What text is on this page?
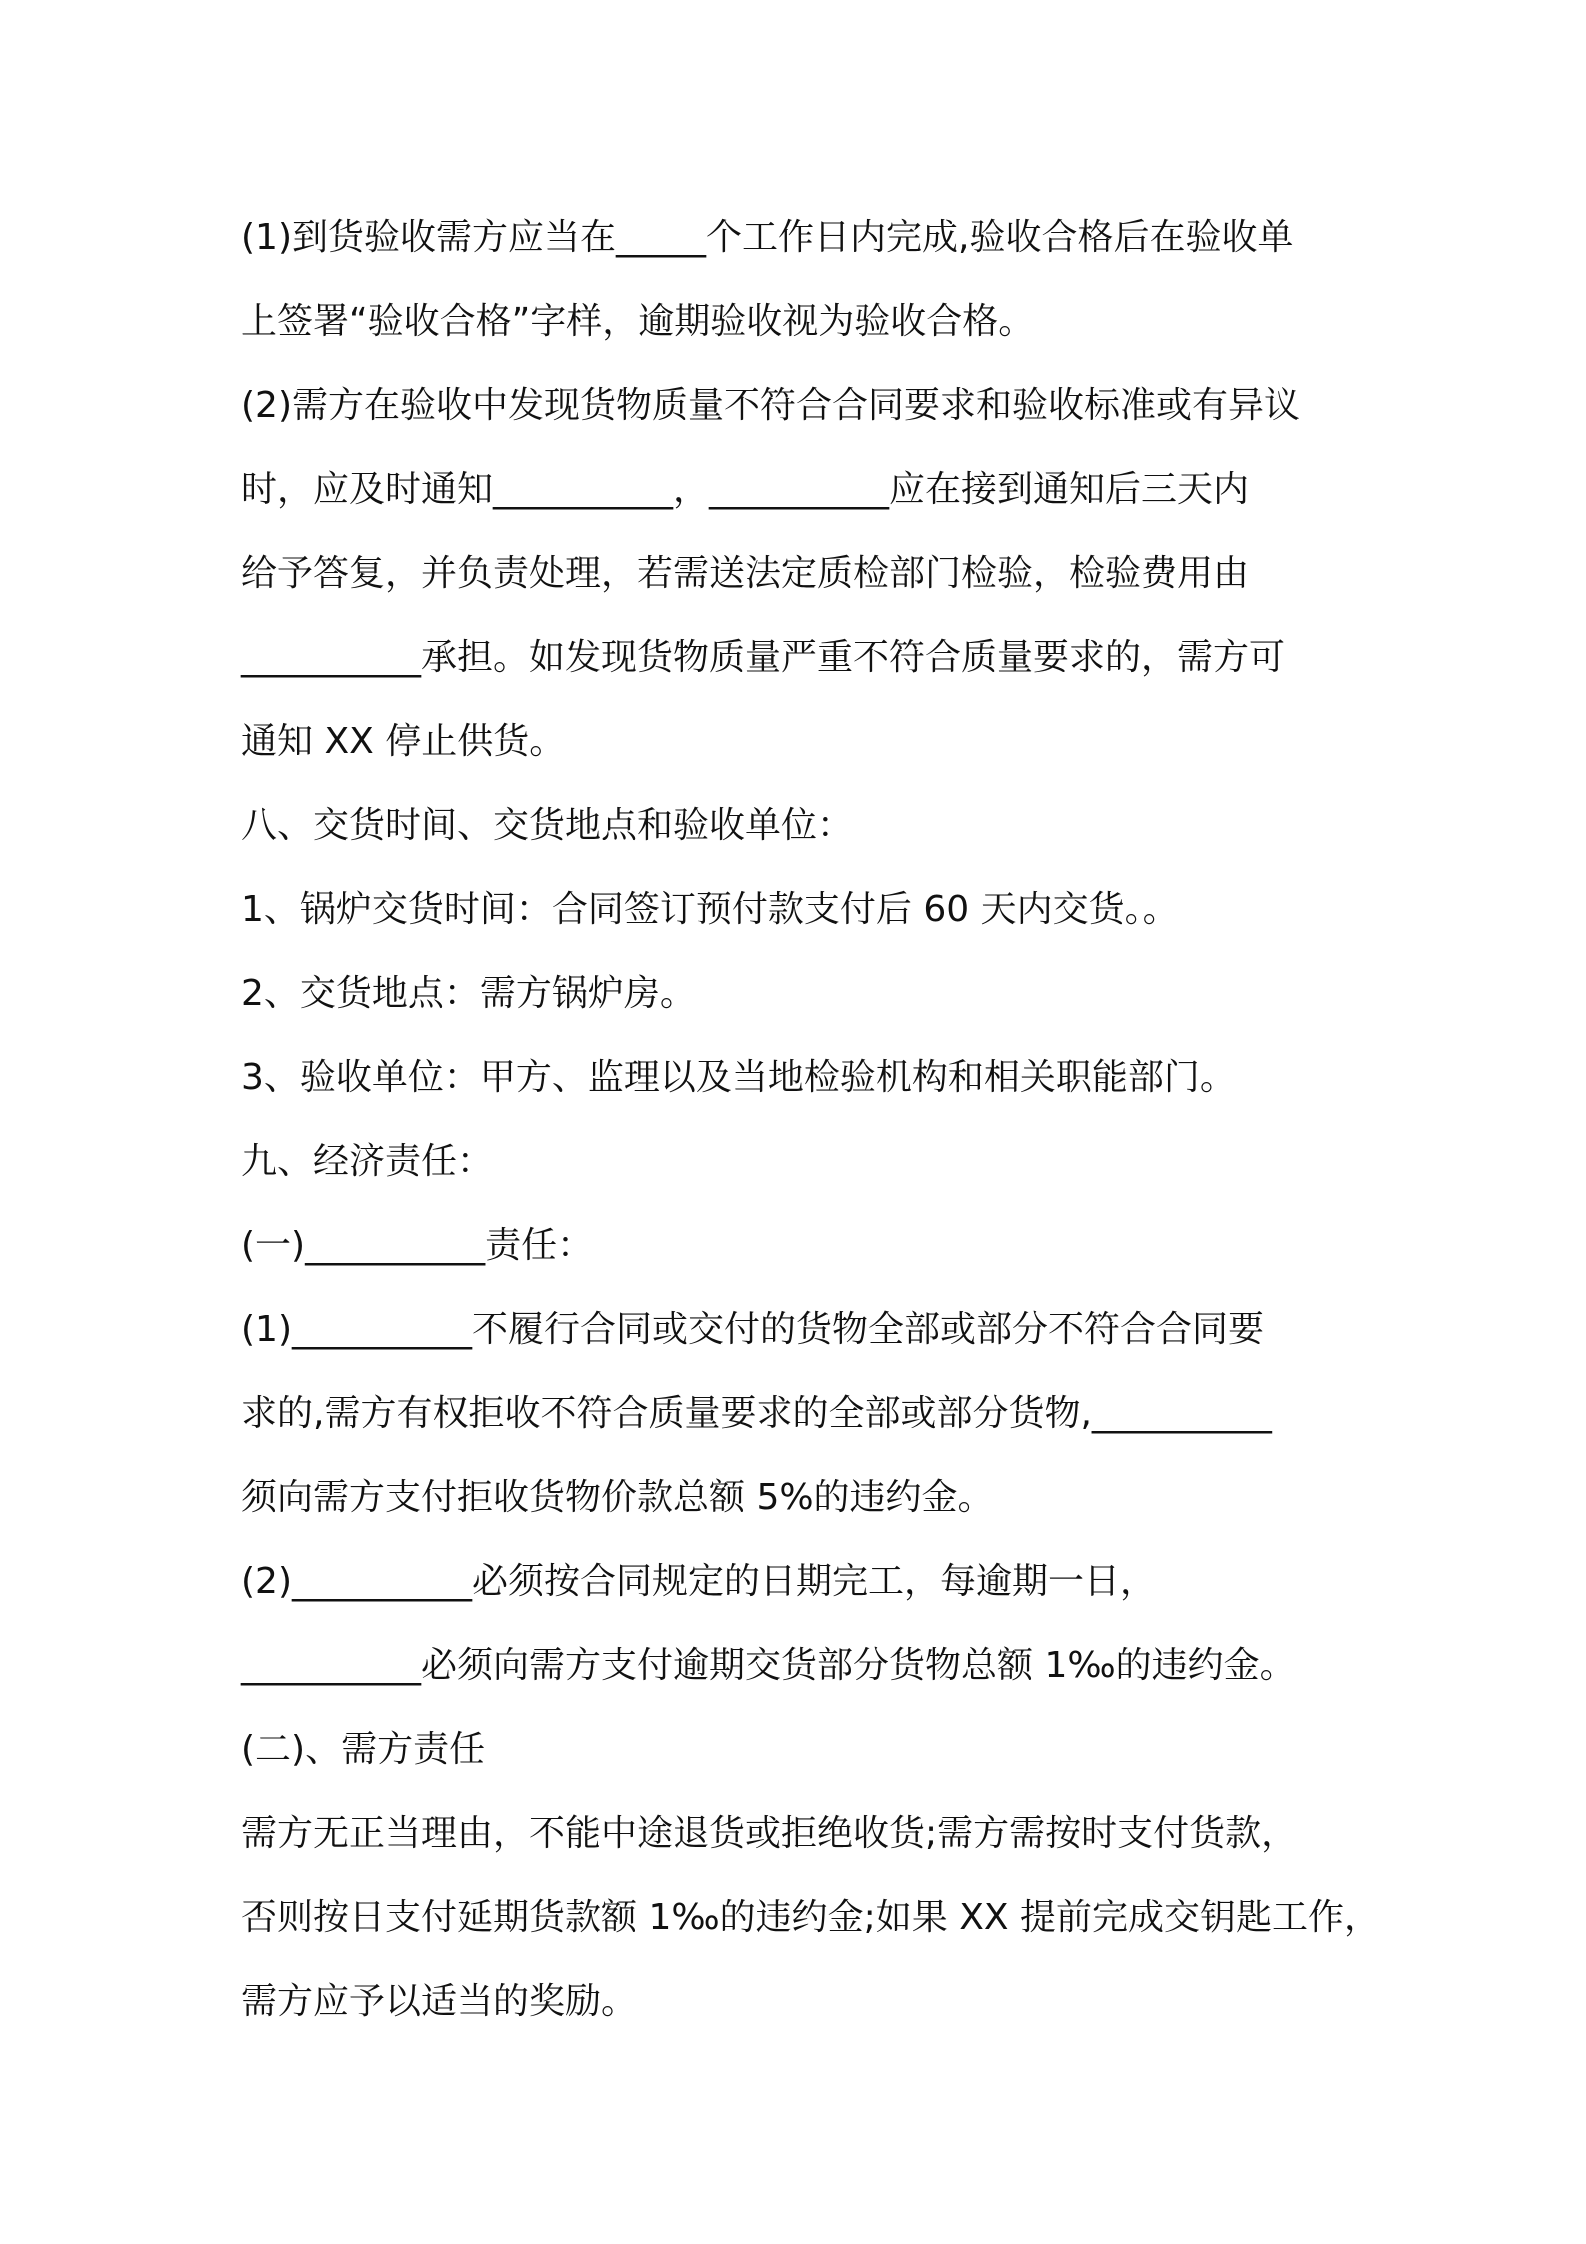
(1)到货验收需方应当在_____个工作日内完成,验收合格后在验收单
上签署“验收合格”字样，逾期验收视为验收合格。
(2)需方在验收中发现货物质量不符合合同要求和验收标准或有异议
时，应及时通知__________，__________应在接到通知后三天内
给予答复，并负责处理，若需送法定质检部门检验，检验费用由
__________承担。如发现货物质量严重不符合质量要求的，需方可
通知 XX 停止供货。
八、交货时间、交货地点和验收单位：
1、锅炉交货时间：合同签订预付款支付后 60 天内交货。。
2、交货地点：需方锅炉房。
3、验收单位：甲方、监理以及当地检验机构和相关职能部门。
九、经济责任：
(一)__________责任：
(1)__________不履行合同或交付的货物全部或部分不符合合同要
求的,需方有权拒收不符合质量要求的全部或部分货物,__________
须向需方支付拒收货物价款总额 5%的违约金。
(2)__________必须按合同规定的日期完工，每逾期一日，
__________必须向需方支付逾期交货部分货物总额 1‰的违约金。
(二)、需方责任
需方无正当理由，不能中途退货或拒绝收货;需方需按时支付货款，
否则按日支付延期货款额 1‰的违约金;如果 XX 提前完成交钥匙工作，
需方应予以适当的奖励。
